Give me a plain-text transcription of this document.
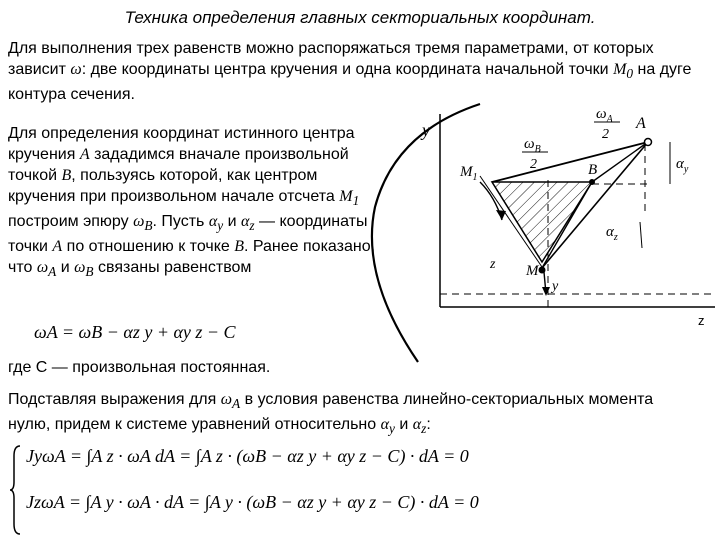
Техника определения главных секториальных координат.
Для выполнения трех равенств можно распоряжаться тремя параметрами, от которых зависит ω: две координаты центра кручения и одна координата начальной точки $M_0$ на дуге контура сечения.
Для определения координат истинного центра кручения A зададимся вначале произвольной точкой B, пользуясь которой, как центром кручения при произвольном начале отсчета $M_1$ построим эпюру $\omega_B$. Пусть $\alpha_y$ и $\alpha_z$ — координаты точки A по отношению к точке B. Ранее показано, что $\omega_A$ и $\omega_B$ связаны равенством
ωA = ωB − αz y + αy z − C
где С — произвольная постоянная.
Подставляя выражения для $\omega_A$ в условия равенства линейно-секториальных момента нулю, придем к системе уравнений относительно $\alpha_y$ и $\alpha_z$:
JyωA = ∫A z · ωA dA = ∫A z · (ωB − αz y + αy z − C) · dA = 0
JzωA = ∫A y · ωA · dA = ∫A y · (ωB − αz y + αy z − C) · dA = 0
y
z
$M_1$
M
A
B
z
y
$\alpha_y$
$\alpha_z$
$\omega_A$
2
$\omega_B$
2
